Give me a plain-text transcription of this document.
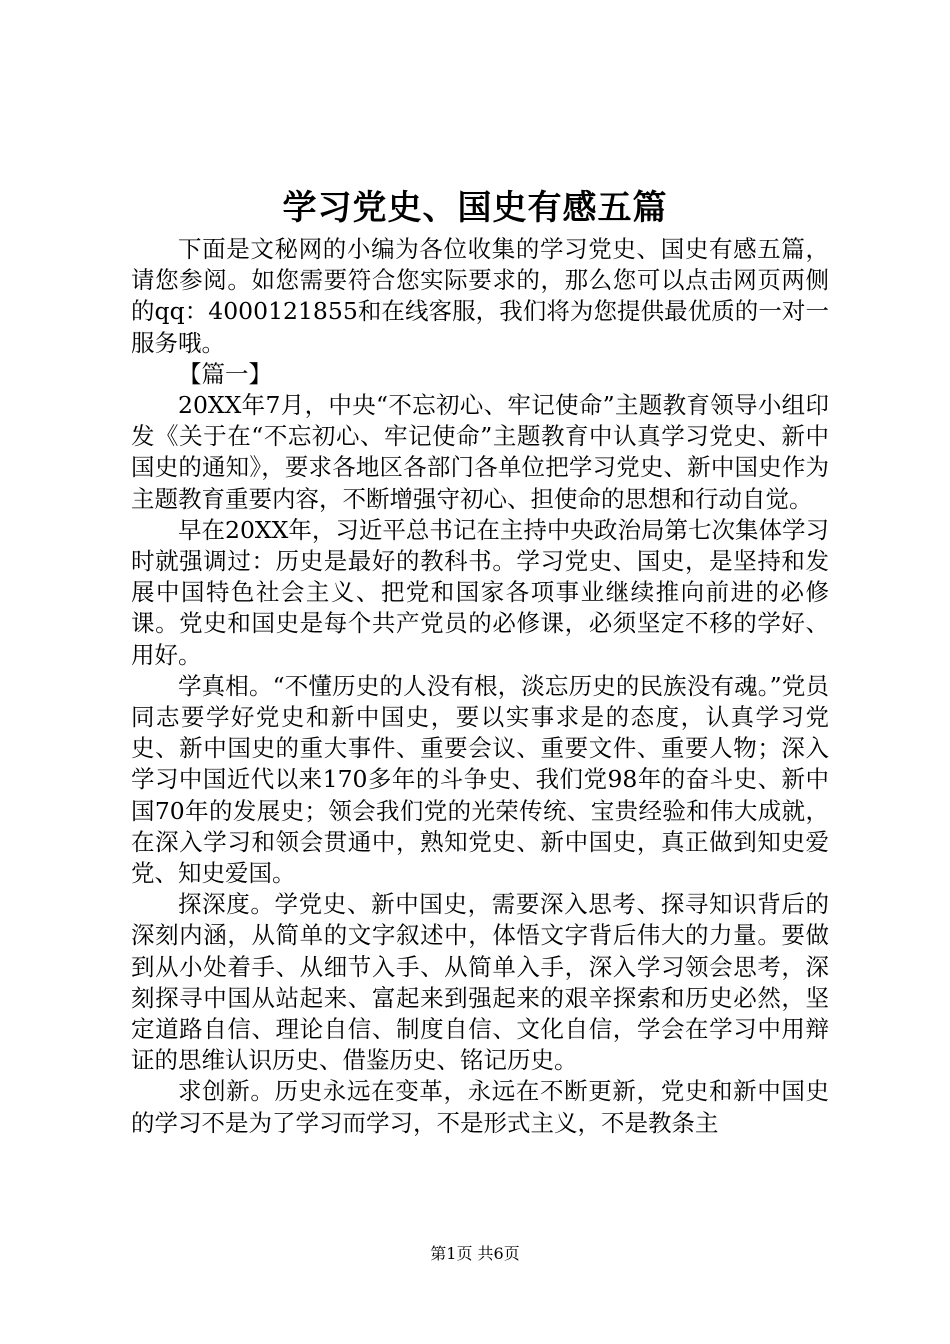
学习党史、国史有感五篇

下面是文秘网的小编为各位收集的学习党史、国史有感五篇，请您参阅。如您需要符合您实际要求的，那么您可以点击网页两侧的qq：4000121855和在线客服，我们将为您提供最优质的一对一服务哦。

【篇一】

20XX年7月，中央“不忘初心、牢记使命”主题教育领导小组印发《关于在“不忘初心、牢记使命”主题教育中认真学习党史、新中国史的通知》，要求各地区各部门各单位把学习党史、新中国史作为主题教育重要内容，不断增强守初心、担使命的思想和行动自觉。

早在20XX年，习近平总书记在主持中央政治局第七次集体学习时就强调过：历史是最好的教科书。学习党史、国史，是坚持和发展中国特色社会主义、把党和国家各项事业继续推向前进的必修课。党史和国史是每个共产党员的必修课，必须坚定不移的学好、用好。

学真相。“不懂历史的人没有根，淡忘历史的民族没有魂。”党员同志要学好党史和新中国史，要以实事求是的态度，认真学习党史、新中国史的重大事件、重要会议、重要文件、重要人物；深入学习中国近代以来170多年的斗争史、我们党98年的奋斗史、新中国70年的发展史；领会我们党的光荣传统、宝贵经验和伟大成就，在深入学习和领会贯通中，熟知党史、新中国史，真正做到知史爱党、知史爱国。

探深度。学党史、新中国史，需要深入思考、探寻知识背后的深刻内涵，从简单的文字叙述中，体悟文字背后伟大的力量。要做到从小处着手、从细节入手、从简单入手，深入学习领会思考，深刻探寻中国从站起来、富起来到强起来的艰辛探索和历史必然，坚定道路自信、理论自信、制度自信、文化自信，学会在学习中用辩证的思维认识历史、借鉴历史、铭记历史。

求创新。历史永远在变革，永远在不断更新，党史和新中国史的学习不是为了学习而学习，不是形式主义，不是教条主

第1页 共6页
